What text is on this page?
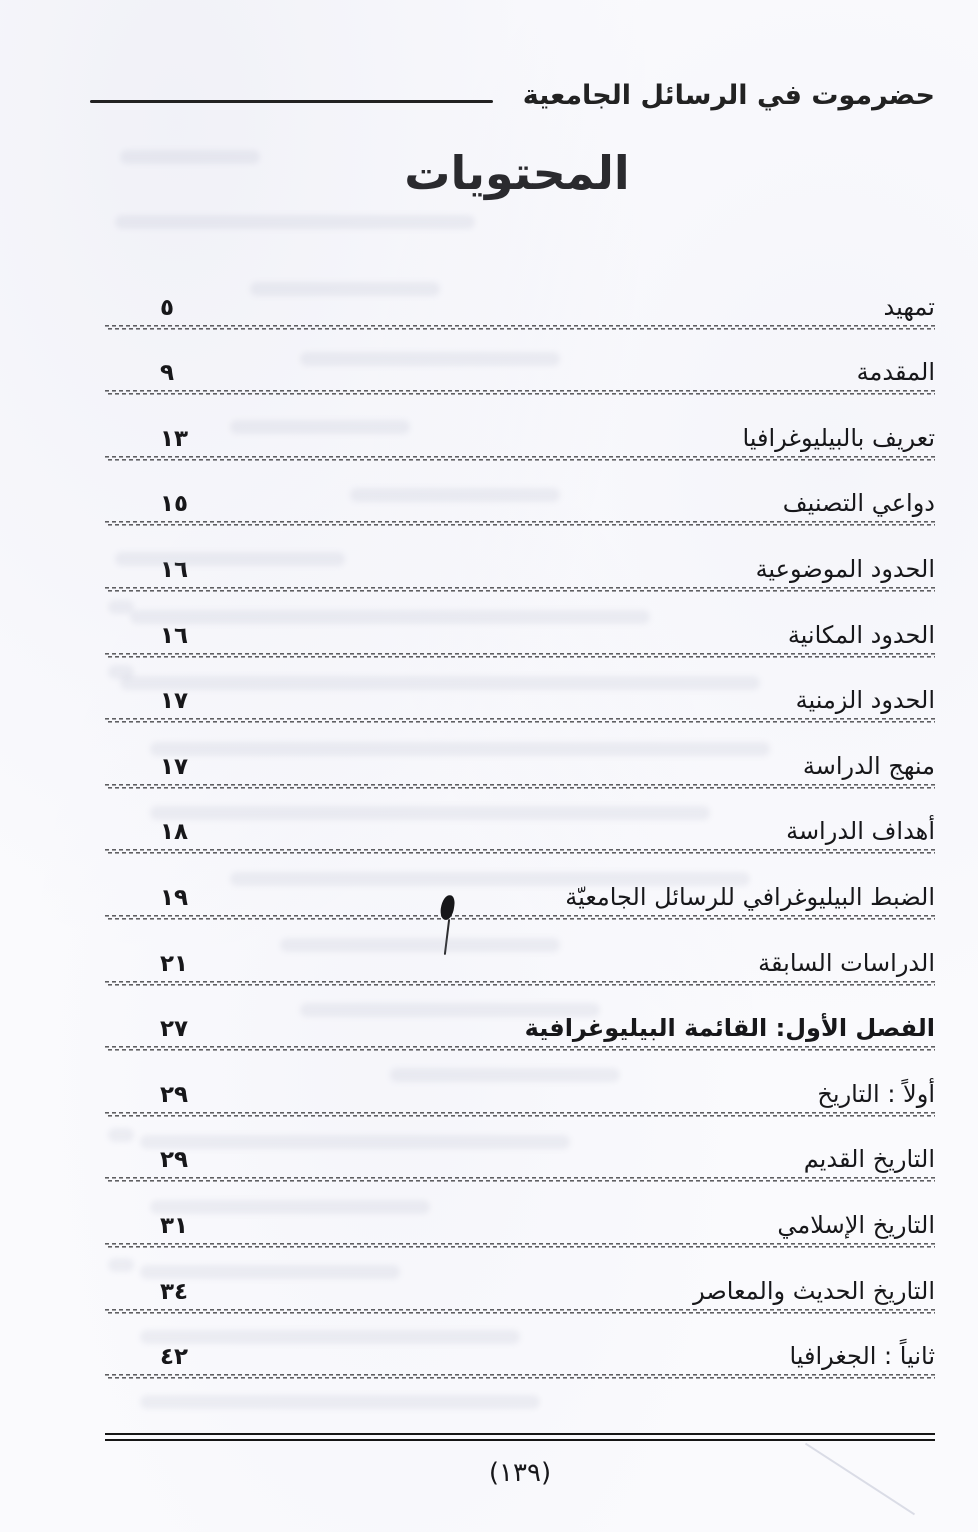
حضرموت في الرسائل الجامعية
المحتويات
تمهيد
٥
المقدمة
٩
تعريف بالبيليوغرافيا
١٣
دواعي التصنيف
١٥
الحدود الموضوعية
١٦
الحدود المكانية
١٦
الحدود الزمنية
١٧
منهج الدراسة
١٧
أهداف الدراسة
١٨
الضبط البيليوغرافي للرسائل الجامعيّة
١٩
الدراسات السابقة
٢١
الفصل الأول: القائمة البيليوغرافية
٢٧
أولاً : التاريخ
٢٩
التاريخ القديم
٢٩
التاريخ الإسلامي
٣١
التاريخ الحديث والمعاصر
٣٤
ثانياً : الجغرافيا
٤٢
(١٣٩)
